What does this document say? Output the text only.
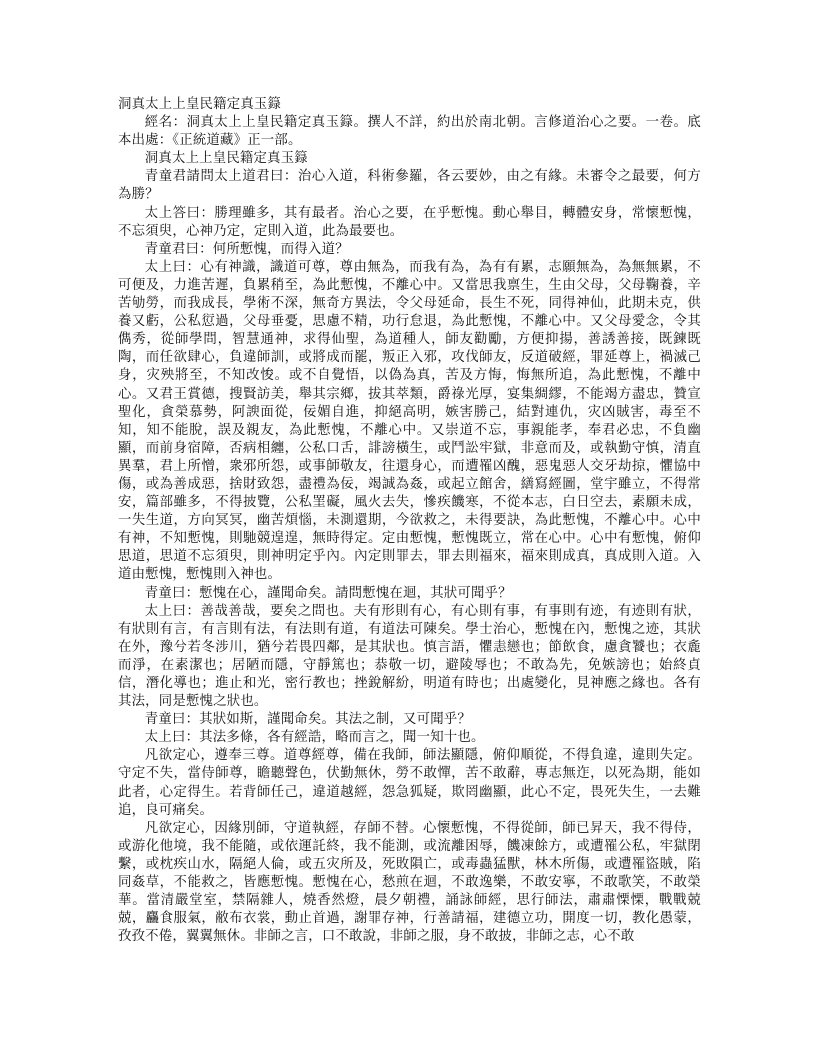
洞真太上上皇民籍定真玉籙

經名：洞真太上上皇民籍定真玉籙。撰人不詳，約出於南北朝。言修道治心之要。一卷。底本出處：《正統道藏》正一部。

洞真太上上皇民籍定真玉籙

青童君請問太上道君曰：治心入道，科術參羅，各云要妙，由之有緣。未審令之最要，何方為勝？

太上答曰：勝理雖多，其有最者。治心之要，在乎慙愧。動心舉目，轉體安身，常懷慙愧，不忘須臾，心神乃定，定則入道，此為最要也。

青童君曰：何所慙愧，而得入道？

太上曰：心有神識，識道可尊，尊由無為，而我有為，為有有累，志願無為，為無無累，不可便及，力進苦遲，負累稍至，為此慙愧，不離心中。又當思我禀生，生由父母，父母鞠養，辛苦劬勞，而我成長，學術不深，無奇方異法，令父母延命，長生不死，同得神仙，此期未克，供養又虧，公私愆過，父母垂憂，思慮不精，功行怠退，為此慙愧，不離心中。又父母愛念，令其儁秀，從師學問，智慧通神，求得仙聖，為道種人，師友勸勵，方便抑揚，善誘善接，既鍊既陶，而任欲肆心，負違師訓，或將成而罷，叛正入邪，攻伐師友，反道破經，罪延尊上，禍滅己身，灾殃將至，不知改悛。或不自覺悟，以偽為真，苦及方悔，悔無所追，為此慙愧，不離中心。又君王賞德，搜賢訪美，舉其宗鄉，拔其萃類，爵祿光厚，宴集綢繆，不能竭方盡忠，贊宣聖化，貪榮慕勢，阿諛面從，佞媚自進，抑絕高明，嫉害勝己，結對連仇，灾凶賊害，毒至不知，知不能脫，誤及親友，為此慙愧，不離心中。又崇道不忘，事親能孝，奉君必忠，不負幽顯，而前身宿障，否病相纏，公私口舌，誹謗橫生，或鬥訟牢獄，非意而及，或執勤守慎，清直異羣，君上所憎，衆邪所怨，或事師敬友，往還身心，而遭罹凶醜，惡鬼惡人交牙劫掠，懼協中傷，或為善成惡，捨財致怨，盡禮為佞，竭誠為姦，或起立館舍，繕寫經圖，堂宇雖立，不得常安，篇部雖多，不得披覽，公私罣礙，風火去失，慘疾饑寒，不從本志，白日空去，素願未成，一失生道，方向冥冥，幽苦煩惱，未測還期，今欲救之，未得要訣，為此慙愧，不離心中。心中有神，不知慙愧，則馳競遑遑，無時得定。定由慙愧，慙愧既立，常在心中。心中有慙愧，俯仰思道，思道不忘須臾，則神明定乎內。內定則罪去，罪去則福來，福來則成真，真成則入道。入道由慙愧，慙愧則入神也。

青童曰：慙愧在心，謹聞命矣。請問慙愧在迴，其狀可聞乎？

太上曰：善哉善哉，要矣之問也。夫有形則有心，有心則有事，有事則有迹，有迹則有狀，有狀則有言，有言則有法，有法則有道，有道法可陳矣。學士治心，慙愧在內，慙愧之迹，其狀在外，豫兮若冬涉川，猶兮若畏四鄰，是其狀也。慎言語，懼恚戀也；節飲食，慮貪饕也；衣麁而淨，在素潔也；居陋而隱，守靜篤也；恭敬一切，避陵辱也；不敢為先，免嫉謗也；始終貞信，潛化導也；進止和光，密行教也；挫銳解紛，明道有時也；出處變化，見神應之緣也。各有其法，同是慙愧之狀也。

青童曰：其狀如斯，謹聞命矣。其法之制，又可聞乎？

太上曰：其法多條，各有經誥，略而言之，聞一知十也。

凡欲定心，遵奉三尊。道尊經尊，備在我師，師法顯隱，俯仰順從，不得負違，違則失定。守定不失，當侍師尊，瞻聽聲色，伏勤無休，勞不敢憚，苦不敢辭，專志無迮，以死為期，能如此者，心定得生。若背師任己，違道越經，怨急狐疑，欺罔幽顯，此心不定，畏死失生，一去難追，良可痛矣。

凡欲定心，因緣別師，守道執經，存師不替。心懷慙愧，不得從師，師已昇天，我不得侍，或游化他境，我不能隨，或依運託終，我不能測，或流離困辱，饑凍餘方，或遭罹公私，牢獄閉繫，或枕疾山水，隔絕人倫，或五灾所及，死敗隕亡，或毒蟲猛獸，林木所傷，或遭罹盜賊，陷同姦草，不能救之，皆應慙愧。慙愧在心，愁煎在迴，不敢逸樂，不敢安寧，不敢歌笑，不敢榮華。當清嚴堂室，禁隔雜人，燒香然燈，晨夕朝禮，誦詠師經，思行師法，肅肅慄慄，戰戰兢兢，麤食服氣，敝布衣裳，動止首過，謝罪存神，行善請福，建德立功，開度一切，教化愚蒙，孜孜不倦，翼翼無休。非師之言，口不敢說，非師之服，身不敢披，非師之志，心不敢
